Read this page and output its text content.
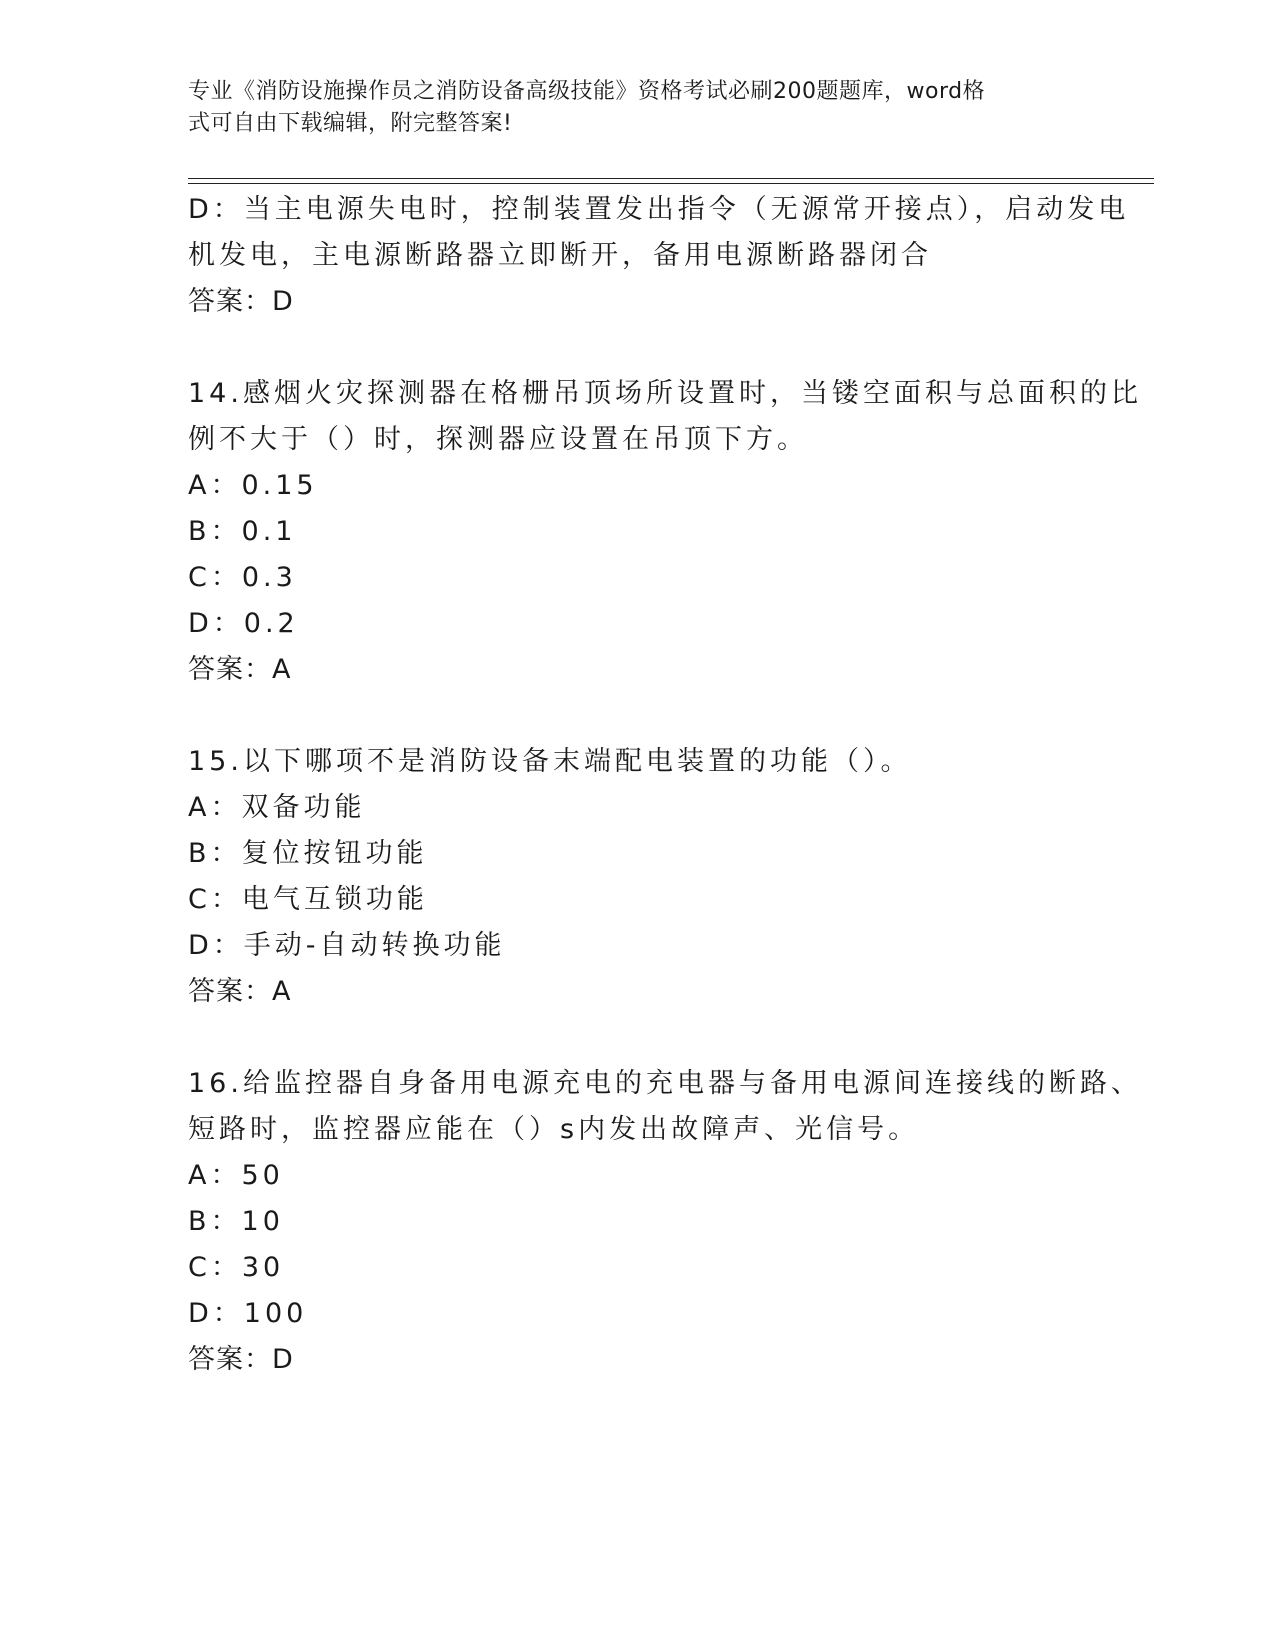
专业《消防设施操作员之消防设备高级技能》资格考试必刷200题题库，word格

式可自由下载编辑，附完整答案!

D：当主电源失电时，控制装置发出指令（无源常开接点），启动发电

机发电，主电源断路器立即断开，备用电源断路器闭合

答案：D

14.感烟火灾探测器在格栅吊顶场所设置时，当镂空面积与总面积的比

例不大于（）时，探测器应设置在吊顶下方。

A：0.15

B：0.1

C：0.3

D：0.2

答案：A

15.以下哪项不是消防设备末端配电装置的功能（）。

A：双备功能

B：复位按钮功能

C：电气互锁功能

D：手动-自动转换功能

答案：A

16.给监控器自身备用电源充电的充电器与备用电源间连接线的断路、

短路时，监控器应能在（）s内发出故障声、光信号。

A：50

B：10

C：30

D：100

答案：D
